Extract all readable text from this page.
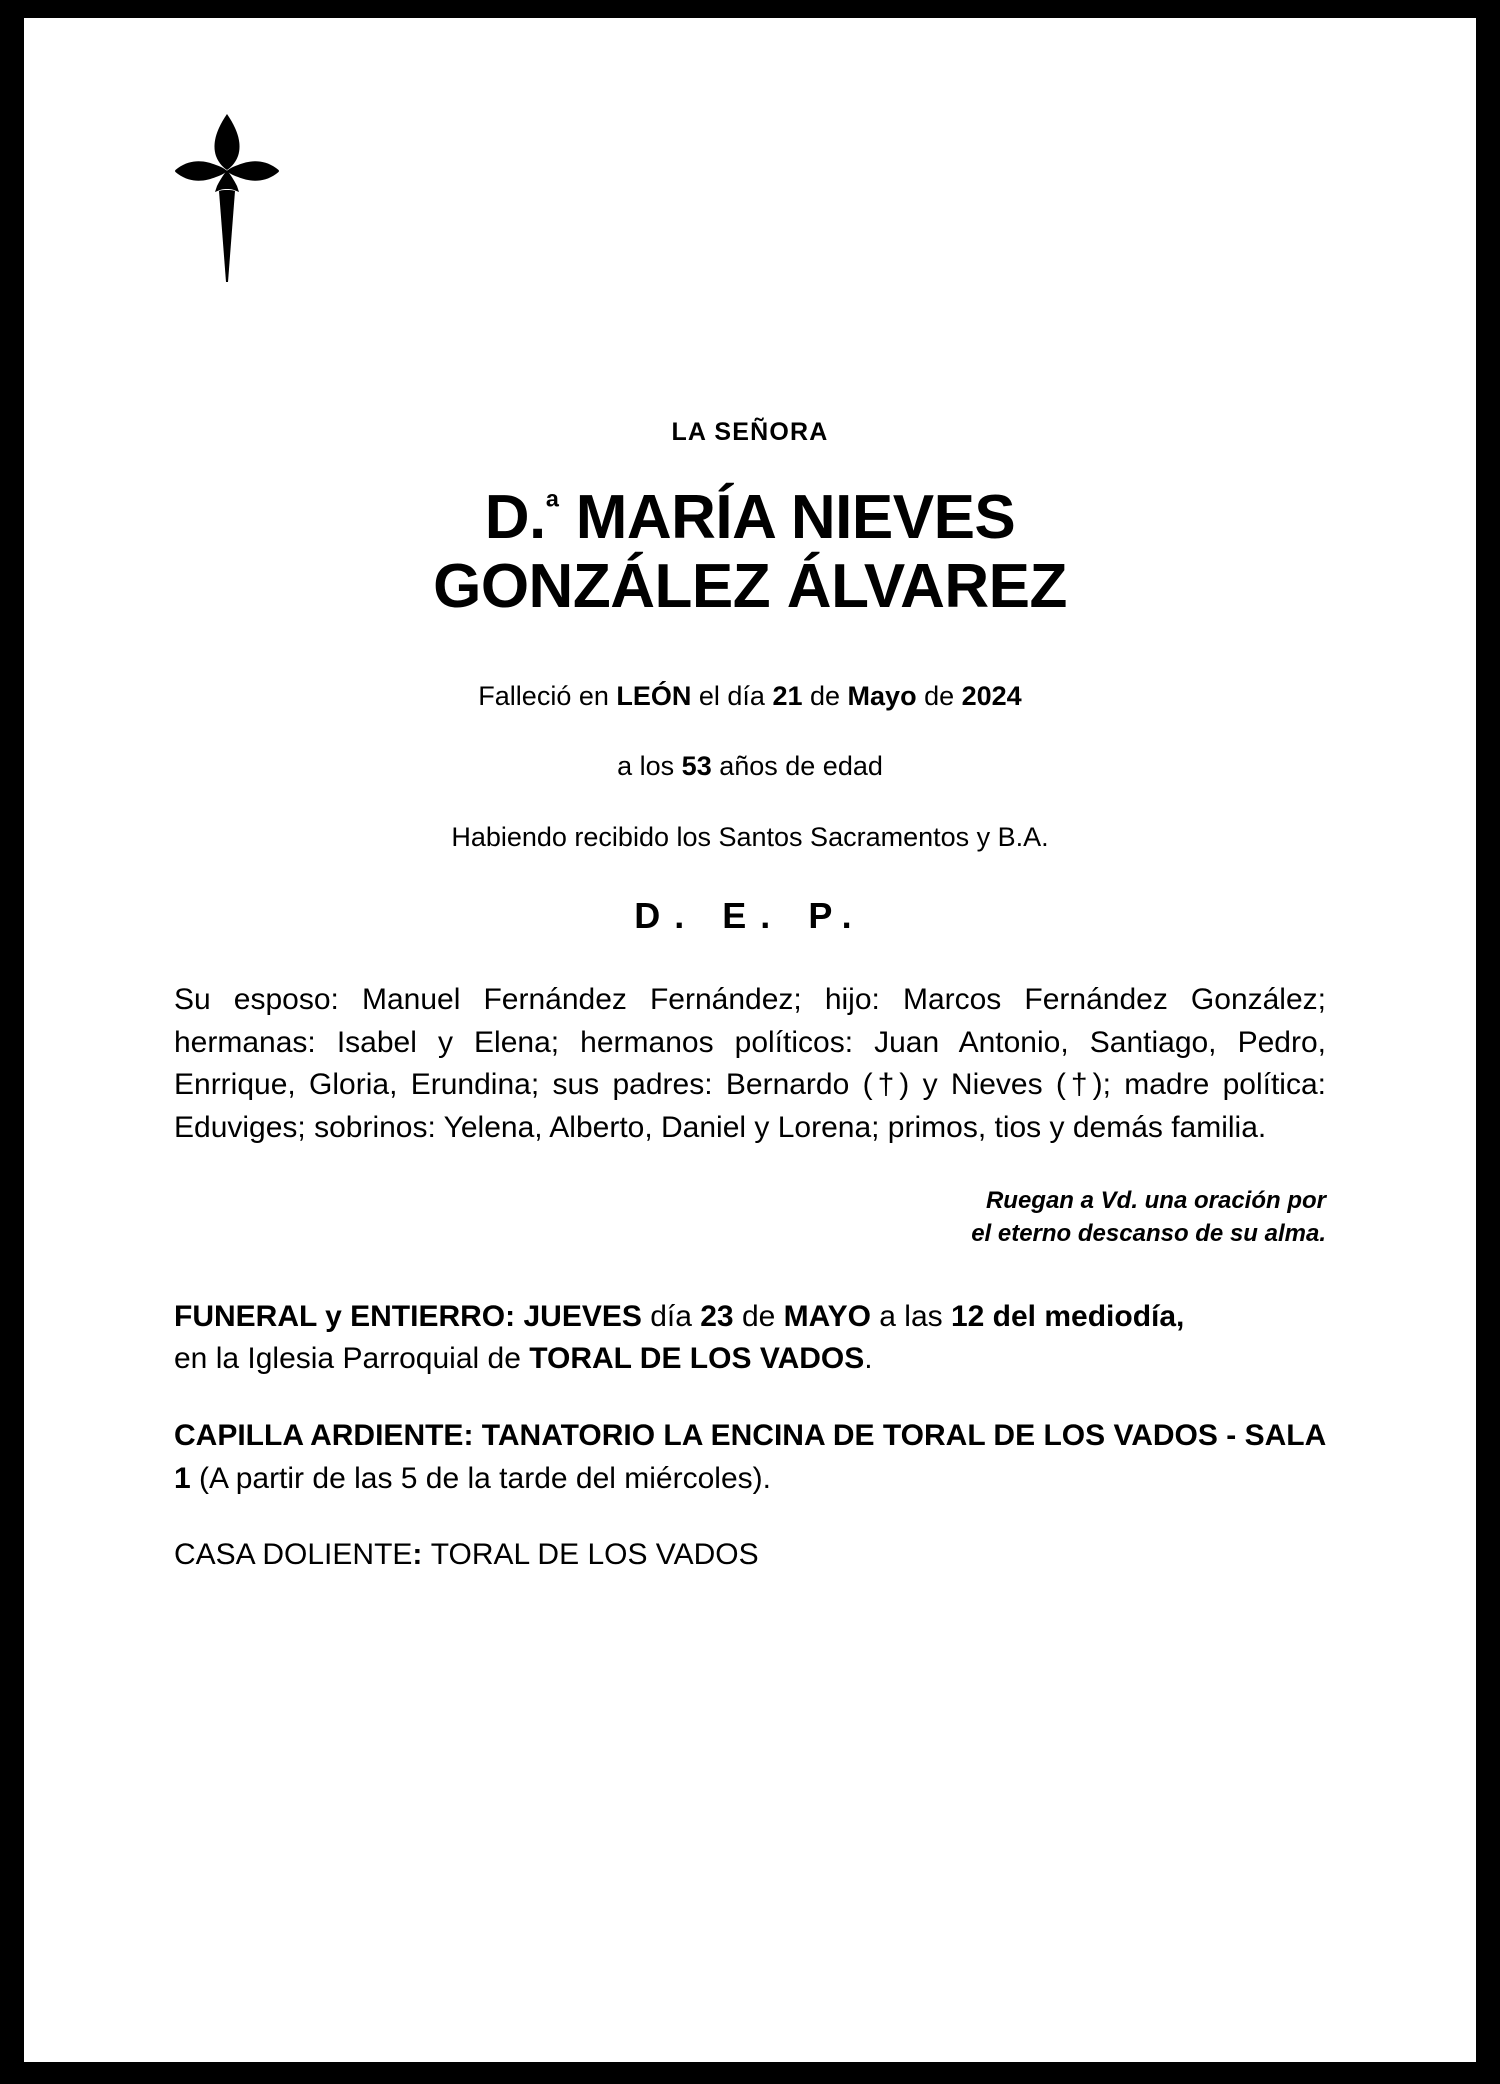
LA SEÑORA
D.$^ª$ MARÍA NIEVES
GONZÁLEZ ÁLVAREZ
Falleció en LEÓN el día 21 de Mayo de 2024
a los 53 años de edad
Habiendo recibido los Santos Sacramentos y B.A.
D. E. P.
Su esposo: Manuel Fernández Fernández; hijo: Marcos Fernández González; hermanas: Isabel y Elena; hermanos políticos: Juan Antonio, Santiago, Pedro, Enrrique, Gloria, Erundina; sus padres: Bernardo (†) y Nieves (†); madre política: Eduviges; sobrinos: Yelena, Alberto, Daniel y Lorena; primos, tios y demás familia.
Ruegan a Vd. una oración por
el eterno descanso de su alma.
FUNERAL y ENTIERRO: JUEVES día 23 de MAYO a las 12 del mediodía,
en la Iglesia Parroquial de TORAL DE LOS VADOS.
CAPILLA ARDIENTE: TANATORIO LA ENCINA DE TORAL DE LOS VADOS - SALA 1 (A partir de las 5 de la tarde del miércoles).
CASA DOLIENTE: TORAL DE LOS VADOS
